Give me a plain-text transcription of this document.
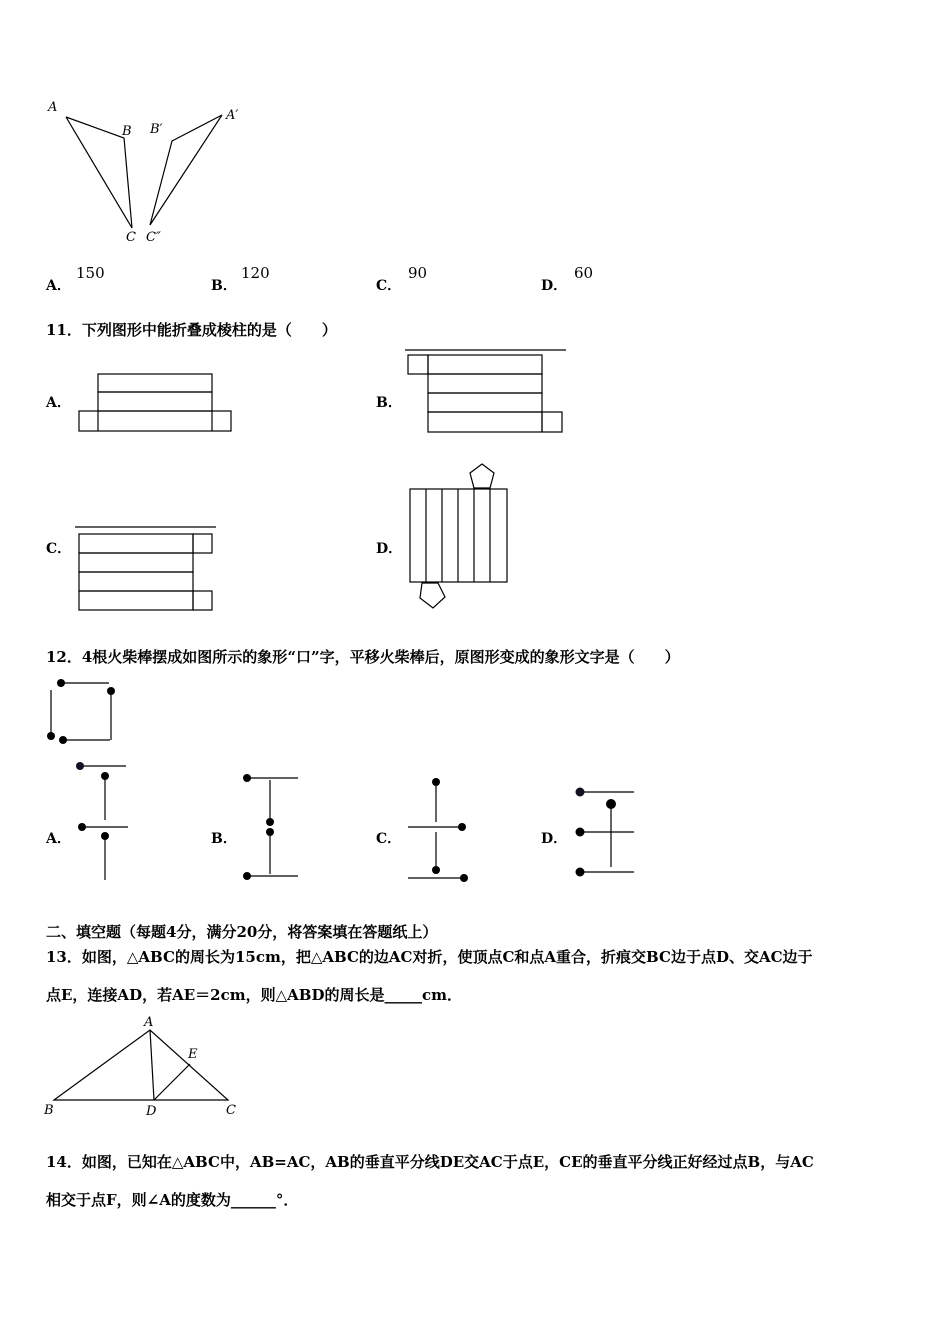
A
B
C
A′
B′
C″
A．
150
B．
120
C．
90
D．
60
11．下列图形中能折叠成棱柱的是（　　）
A．	B．
C．	D．
12．4根火柴棒摆成如图所示的象形“口”字，平移火柴棒后，原图形变成的象形文字是（　　）
A．	B．	C．	D．
二、填空题（每题4分，满分20分，将答案填在答题纸上）
13．如图，△ABC的周长为15cm，把△ABC的边AC对折，使顶点C和点A重合，折痕交BC边于点D、交AC边于
点E，连接AD，若AE＝2cm，则△ABD的周长是_____cm．
A
B	C
D
E
14．如图，已知在△ABC中，AB=AC，AB的垂直平分线DE交AC于点E，CE的垂直平分线正好经过点B，与AC
相交于点F，则∠A的度数为______°．
